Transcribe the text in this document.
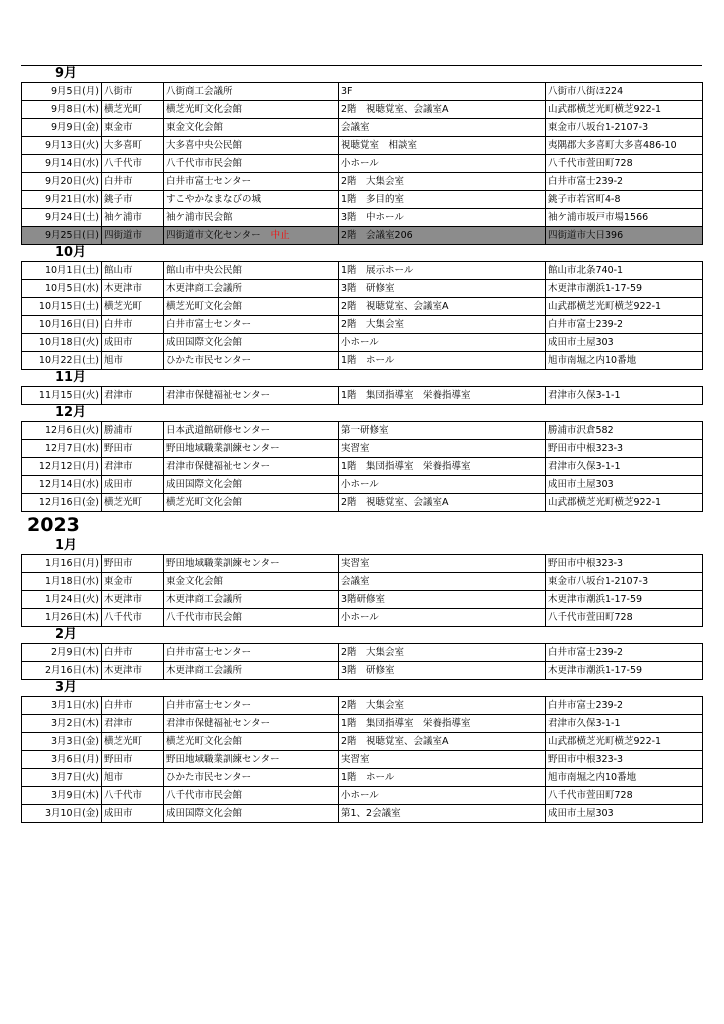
9月
9月5日(月)	八街市	八街商工会議所	3F	八街市八街ほ224
9月8日(木)	横芝光町	横芝光町文化会館	2階　視聴覚室、会議室A	山武郡横芝光町横芝922-1
9月9日(金)	東金市	東金文化会館	会議室	東金市八坂台1-2107-3
9月13日(火)	大多喜町	大多喜中央公民館	視聴覚室　相談室	夷隅郡大多喜町大多喜486-10
9月14日(水)	八千代市	八千代市市民会館	小ホール	八千代市萱田町728
9月20日(火)	白井市	白井市富士センター	2階　大集会室	白井市富士239-2
9月21日(水)	銚子市	すこやかなまなびの城	1階　多目的室	銚子市若宮町4-8
9月24日(土)	袖ケ浦市	袖ケ浦市民会館	3階　中ホール	袖ケ浦市坂戸市場1566
9月25日(日)	四街道市	四街道市文化センター 中止	2階　会議室206	四街道市大日396
10月
10月1日(土)	館山市	館山市中央公民館	1階　展示ホール	館山市北条740-1
10月5日(水)	木更津市	木更津商工会議所	3階　研修室	木更津市潮浜1-17-59
10月15日(土)	横芝光町	横芝光町文化会館	2階　視聴覚室、会議室A	山武郡横芝光町横芝922-1
10月16日(日)	白井市	白井市富士センター	2階　大集会室	白井市富士239-2
10月18日(火)	成田市	成田国際文化会館	小ホール	成田市土屋303
10月22日(土)	旭市	ひかた市民センター	1階　ホール	旭市南堀之内10番地
11月
11月15日(火)	君津市	君津市保健福祉センター	1階　集団指導室　栄養指導室	君津市久保3-1-1
12月
12月6日(火)	勝浦市	日本武道館研修センター	第一研修室	勝浦市沢倉582
12月7日(水)	野田市	野田地域職業訓練センター	実習室	野田市中根323-3
12月12日(月)	君津市	君津市保健福祉センター	1階　集団指導室　栄養指導室	君津市久保3-1-1
12月14日(水)	成田市	成田国際文化会館	小ホール	成田市土屋303
12月16日(金)	横芝光町	横芝光町文化会館	2階　視聴覚室、会議室A	山武郡横芝光町横芝922-1
2023
1月
1月16日(月)	野田市	野田地域職業訓練センター	実習室	野田市中根323-3
1月18日(水)	東金市	東金文化会館	会議室	東金市八坂台1-2107-3
1月24日(火)	木更津市	木更津商工会議所	3階研修室	木更津市潮浜1-17-59
1月26日(木)	八千代市	八千代市市民会館	小ホール	八千代市萱田町728
2月
2月9日(木)	白井市	白井市富士センター	2階　大集会室	白井市富士239-2
2月16日(木)	木更津市	木更津商工会議所	3階　研修室	木更津市潮浜1-17-59
3月
3月1日(水)	白井市	白井市富士センター	2階　大集会室	白井市富士239-2
3月2日(木)	君津市	君津市保健福祉センター	1階　集団指導室　栄養指導室	君津市久保3-1-1
3月3日(金)	横芝光町	横芝光町文化会館	2階　視聴覚室、会議室A	山武郡横芝光町横芝922-1
3月6日(月)	野田市	野田地域職業訓練センター	実習室	野田市中根323-3
3月7日(火)	旭市	ひかた市民センター	1階　ホール	旭市南堀之内10番地
3月9日(木)	八千代市	八千代市市民会館	小ホール	八千代市萱田町728
3月10日(金)	成田市	成田国際文化会館	第1、2会議室	成田市土屋303
